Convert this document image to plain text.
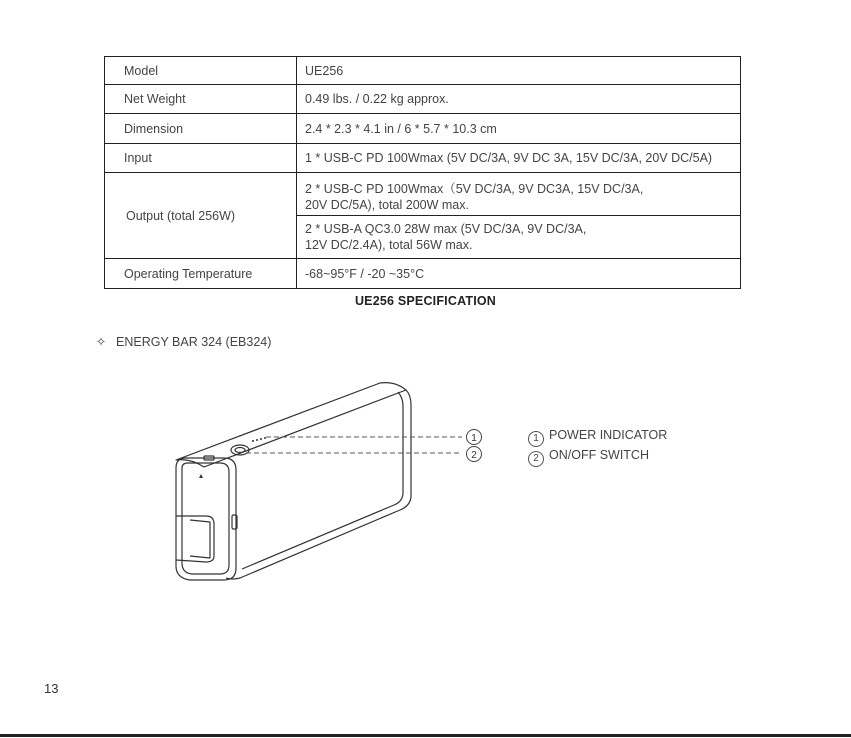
Model	UE256
Net Weight	0.49 lbs. / 0.22 kg approx.
Dimension	2.4 * 2.3 * 4.1 in / 6 * 5.7 * 10.3 cm
Input	1 * USB-C PD 100Wmax (5V DC/3A, 9V DC 3A, 15V DC/3A, 20V DC/5A)
Output (total 256W)	2 * USB-C PD 100Wmax（5V DC/3A, 9V DC3A, 15V DC/3A,
20V DC/5A), total 200W max.

	2 * USB-A QC3.0 28W max (5V DC/3A, 9V DC/3A,
12V DC/2.4A), total 56W max.

Operating Temperature	-68~95°F / -20 ~35°C
UE256 SPECIFICATION
✧ ENERGY BAR 324 (EB324)
1
2
1 POWER INDICATOR
2 ON/OFF SWITCH
13
